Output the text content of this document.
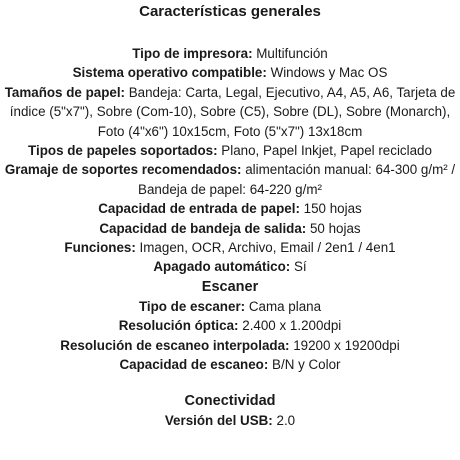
Características generales

Tipo de impresora: Multifunción

Sistema operativo compatible: Windows y Mac OS

Tamaños de papel: Bandeja: Carta, Legal, Ejecutivo, A4, A5, A6, Tarjeta de índice (5"x7"), Sobre (Com-10), Sobre (C5), Sobre (DL), Sobre (Monarch), Foto (4"x6") 10x15cm, Foto (5"x7") 13x18cm

Tipos de papeles soportados: Plano, Papel Inkjet, Papel reciclado

Gramaje de soportes recomendados: alimentación manual: 64-300 g/m² / Bandeja de papel: 64-220 g/m²

Capacidad de entrada de papel: 150 hojas

Capacidad de bandeja de salida: 50 hojas

Funciones: Imagen, OCR, Archivo, Email / 2en1 / 4en1

Apagado automático: Sí

Escaner

Tipo de escaner: Cama plana

Resolución óptica: 2.400 x 1.200dpi

Resolución de escaneo interpolada: 19200 x 19200dpi

Capacidad de escaneo: B/N y Color

Conectividad

Versión del USB: 2.0
